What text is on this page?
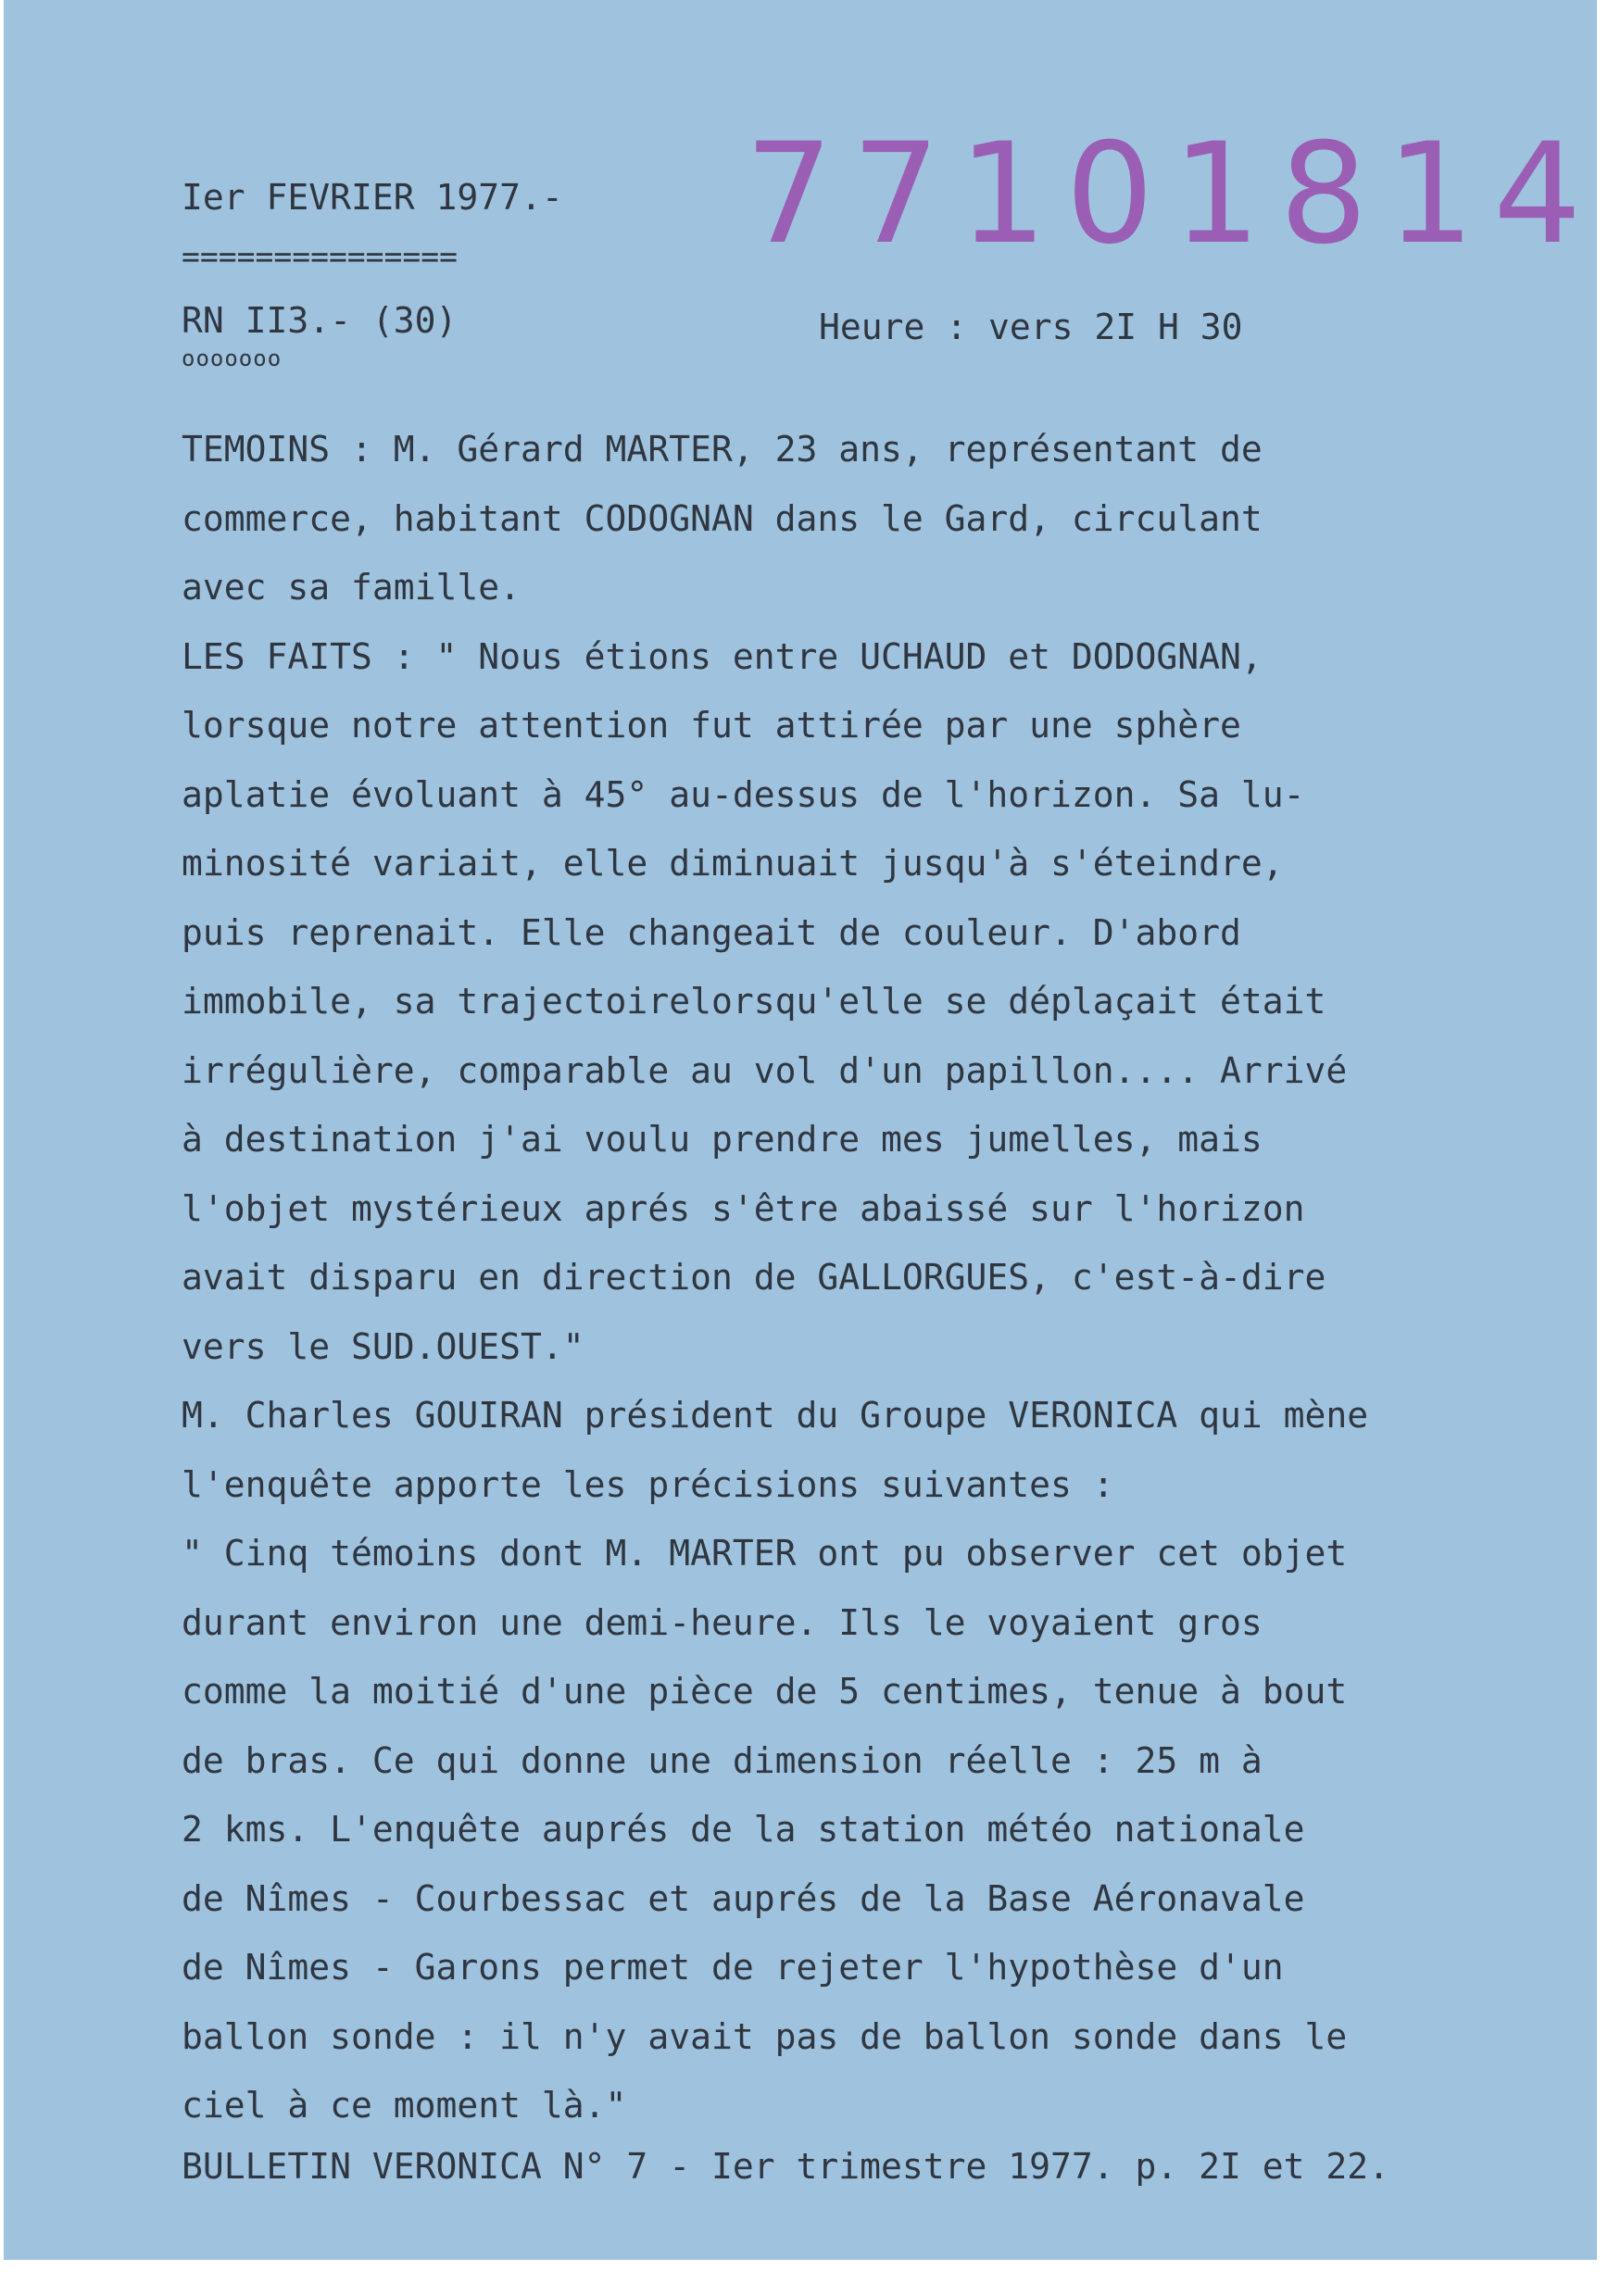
Ier FEVRIER 1977.-
=============== 77101814
RN II3.- (30)
ooooooo
Heure : vers 2I H 30
TEMOINS : M. Gérard MARTER, 23 ans, représentant de
commerce, habitant CODOGNAN dans le Gard, circulant
avec sa famille.
LES FAITS : " Nous étions entre UCHAUD et DODOGNAN,
lorsque notre attention fut attirée par une sphère
aplatie évoluant à 45° au-dessus de l'horizon. Sa lu-
minosité variait, elle diminuait jusqu'à s'éteindre,
puis reprenait. Elle changeait de couleur. D'abord
immobile, sa trajectoirelorsqu'elle se déplaçait était
irrégulière, comparable au vol d'un papillon.... Arrivé
à destination j'ai voulu prendre mes jumelles, mais
l'objet mystérieux aprés s'être abaissé sur l'horizon
avait disparu en direction de GALLORGUES, c'est-à-dire
vers le SUD.OUEST."
M. Charles GOUIRAN président du Groupe VERONICA qui mène
l'enquête apporte les précisions suivantes :
" Cinq témoins dont M. MARTER ont pu observer cet objet
durant environ une demi-heure. Ils le voyaient gros
comme la moitié d'une pièce de 5 centimes, tenue à bout
de bras. Ce qui donne une dimension réelle : 25 m à
2 kms. L'enquête auprés de la station météo nationale
de Nîmes - Courbessac et auprés de la Base Aéronavale
de Nîmes - Garons permet de rejeter l'hypothèse d'un
ballon sonde : il n'y avait pas de ballon sonde dans le
ciel à ce moment là."
BULLETIN VERONICA N° 7 - Ier trimestre 1977. p. 2I et 22.
